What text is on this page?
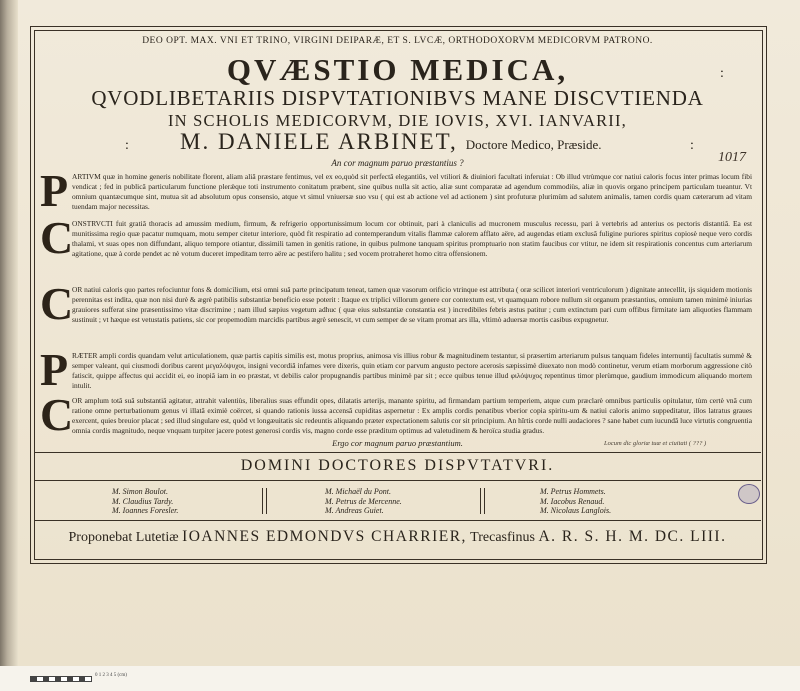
DEO OPT. MAX. VNI ET TRINO, VIRGINI DEIPARÆ, ET S. LVCÆ, ORTHODOXORVM MEDICORVM PATRONO.
QVÆSTIO MEDICA,
QVODLIBETARIIS DISPVTATIONIBVS MANE DISCVTIENDA
IN SCHOLIS MEDICORVM, DIE IOVIS, XVI. IANVARII,
:	:
:
M. DANIELE ARBINET, Doctore Medico, Præside.
An cor magnum paruo præstantius ?	1017
P ARTIVM quæ in homine generis nobilitate florent, aliam aliâ præstare fentimus, vel ex eo,quòd sit perfectâ elegantiûs, vel vtiliori & diuiniori facultati inferuiat : Ob illud vtrùmque cor natiui caloris focus inter primas locum fibi vendicat ; fed in publicâ particularum functione plerǽque toti instrumento conitatum præbent, sine quibus nulla sit actio, aliæ sunt comparatæ ad agendum commodiùs, aliæ in quovis organo principem particulam tueantur. Vt omnium quantæcumque sint, mutua sit ad absolutum opus consensio, atque vt simul vniuersæ suo vsu ( qui est ab actione vel ad actionem ) sint profuturæ plurimùm ad salutem animalis, tamen cordis quam cæterarum ad vitam tuendam major necessitas.
C
ONSTRVCTI fuit gratiâ thoracis ad amussim medium, firmum, & refrigerio opportunissimum locum cor obtinuit, pari à claniculis ad mucronem musculus recessu, pari à vertebris ad anterius os pectoris distantiâ. Ea est munitissima regio quæ pacatur numquam, motu semper citetur interiore, quòd fit respiratio ad contemperandum vitalis flammæ calorem afflato aëre, ad augendas etiam exclusâ fuligine puriores spiritus copiosè neque vero cordis thalami, vt suas opes non diffundant, aliquo tempore otiantur, dissimili tamen in genitis ratione, in quibus pulmone tanquam spiritus promptuario non statim faucibus cor vtitur, ne idem sit respirationis concentus cum arteriarum agitatione, quæ à corde pendet ac nè votum duceret impeditam terro aëre ac pestifero halitu ; sed vocem protraheret homo citra offensionem.
C
OR natiui caloris quo partes refociuntur fons & domicilium, etsi omni suâ parte principatum teneat, tamen quæ vasorum orificio vtrinque est attributa ( oræ scilicet interiori ventriculorum ) dignitate antecellit, ijs siquidem motionis perennitas est indita, quæ non nisi durè & ægrè patibilis substantiæ beneficio esse poterit : Itaque ex triplici villorum genere cor contextum est, vt quamquam robore nullum sit organum præstantius, omnium tamen minimè iniurias grauiores sufferat sine præsentissimo vitæ discrimine ; nam illud sæpius vegetum adhuc ( quæ eius substantiæ constantia est ) incredibiles febris æstus patitur ; cum extinctum pari cum offibus firmitate iam aliquoties flammam sustinuit ; vt hæque est vetustatis patiens, sic cor propemodùm marcidis partibus ægrè senescit, vt cum semper de se vitam promat ars illa, vltimò aduersæ mortis casibus expugnetur.
P RÆTER ampli cordis quandam velut articulationem, quæ partis capitis similis est, motus proprius, animosa vis illius robur & magnitudinem testantur, si præsertim arteriarum pulsus tanquam fideles internuntij facultatis summè & semper valeant, qui ciusmodi doribus carent μεγαλόψυχοι, insigni vecordiâ infames vere dixeris, quin etiam cor parvum angusto pectore acerosis sæpissimè diuexato non modò continetur, verum etiam morborum aggressione citò fatiscit, quippe affectus qui accidit ei, eo inopiâ iam in eo præstat, vt debilis calor propugnandis partibus minimè par sit ; ecce quibus tenue illud φιλόψυχος repentinus timor plerùmque, gaudium immodicum aliquando mortem intulit.
C
OR amplum totâ suâ substantiâ agitatur, attrahit valentiùs, liberalius suas effundit opes, dilatatis arterijs, manante spiritu, ad firmandam partium temperiem, atque cum præclarè omnibus particulis opitulatur, tùm certè vnâ cum ratione omne perturbationum genus vi illatâ eximiè coërcet, si quando rationis iussa accensâ cupiditas aspernetur : Ex amplis cordis penatibus vberior copia spiritu-um & natiui caloris animo suppeditatur, illos latratus graues exercent, quies breuior placat ; sed illud singulare est, quòd vt longæuitatis sic redeuntis aliquando præter expectationem salutis cor sit principium. An hîrtis corde nulli audaciores ? sane habet cum iucundâ luce virtutis congruentia omnia cordis magnitudo, neque vnquam turpiter jacere potest generosi cordis vis, magno corde esse præditum optimus ad valetudinem & heroïca studia gradus.
Ergo cor magnum paruo præstantium.	Locum dic gloriæ tuæ et ciuitati ( ??? )
DOMINI DOCTORES DISPVTATVRI.
M. Simon Boulot.
M. Claudius Tardy.
M. Ioannes Foresler.
M. Michaël du Pont.
M. Petrus de Mercenne.
M. Andreas Guiet.
M. Petrus Hommets.
M. Iacobus Renaud.
M. Nicolaus Langlois.
Proponebat Lutetiæ IOANNES EDMONDVS CHARRIER, Trecasfinus A. R. S. H. M. DC. LIII.
0 1 2 3 4 5 (cm)
